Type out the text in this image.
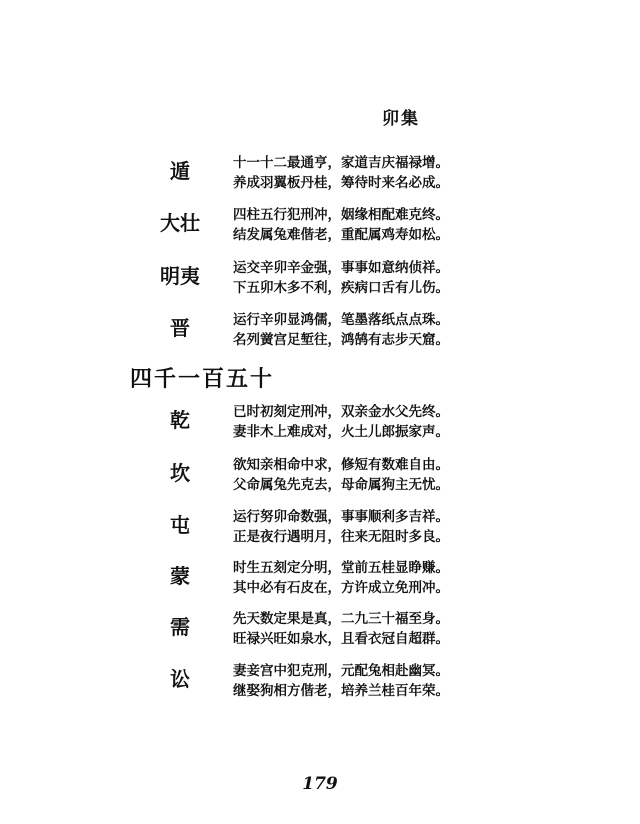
卯集
遁	十一十二最通亨，家道吉庆福禄增。
养成羽翼板丹桂，筹待时来名必成。
大壮	四柱五行犯刑冲，姻缘相配难克终。
结发属兔难偕老，重配属鸡寿如松。
明夷	运交辛卯辛金强，事事如意纳侦祥。
下五卯木多不利，疾病口舌有儿伤。
晋	运行辛卯显鸿儒，笔墨落纸点点珠。
名列黉宫足堑往，鸿鹄有志步天窟。
四千一百五十
乾	已时初刻定刑冲，双亲金水父先终。
妻非木上难成对，火土儿郎振家声。
坎	欲知亲相命中求，修短有数难自由。
父命属兔先克去，母命属狗主无忧。
屯	运行努卯命数强，事事顺利多吉祥。
正是夜行遇明月，往来无阻时多良。
蒙	时生五刻定分明，堂前五桂显睁赚。
其中必有石皮在，方许成立免刑冲。
需	先天数定果是真，二九三十福至身。
旺禄兴旺如泉水，且看衣冠自超群。
讼	妻妾宫中犯克刑，元配兔相赴幽冥。
继娶狗相方偕老，培养兰桂百年荣。
179
